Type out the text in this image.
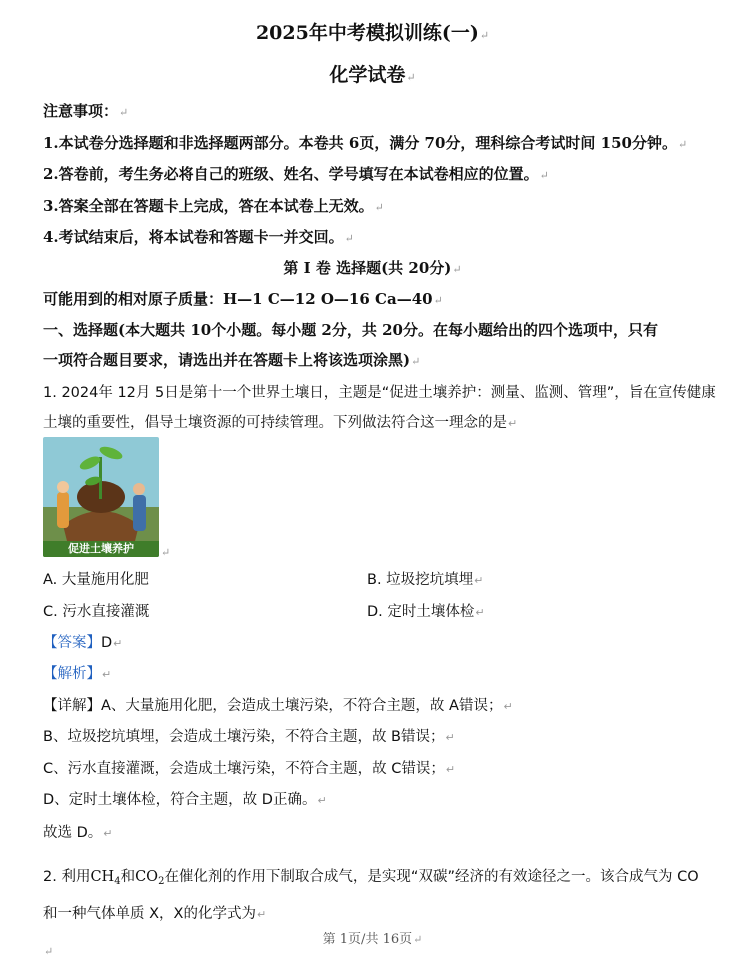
2025年中考模拟训练(一)↵
化学试卷↵
注意事项：↵
1.本试卷分选择题和非选择题两部分。本卷共 6页，满分 70分，理科综合考试时间 150分钟。↵
2.答卷前，考生务必将自己的班级、姓名、学号填写在本试卷相应的位置。↵
3.答案全部在答题卡上完成，答在本试卷上无效。↵
4.考试结束后，将本试卷和答题卡一并交回。↵
第 I 卷 选择题(共 20分)↵
可能用到的相对原子质量：H—1 C—12 O—16 Ca—40↵
一、选择题(本大题共 10个小题。每小题 2分，共 20分。在每小题给出的四个选项中，只有
一项符合题目要求，请选出并在答题卡上将该选项涂黑)↵
1. 2024年 12月 5日是第十一个世界土壤日，主题是“促进土壤养护：测量、监测、管理”，旨在宣传健康
土壤的重要性，倡导土壤资源的可持续管理。下列做法符合这一理念的是↵
促进土壤养护	↵
A. 大量施用化肥	B. 垃圾挖坑填埋↵
C. 污水直接灌溉	D. 定时土壤体检↵
【答案】D↵
【解析】↵
【详解】A、大量施用化肥，会造成土壤污染，不符合主题，故 A错误；↵
B、垃圾挖坑填埋，会造成土壤污染，不符合主题，故 B错误；↵
C、污水直接灌溉，会造成土壤污染，不符合主题，故 C错误；↵
D、定时土壤体检，符合主题，故 D正确。↵
故选 D。↵
2. 利用$CH_4$和$CO_2$在催化剂的作用下制取合成气，是实现“双碳”经济的有效途径之一。该合成气为 CO
和一种气体单质 X，X的化学式为↵
第 1页/共 16页↵
↵
